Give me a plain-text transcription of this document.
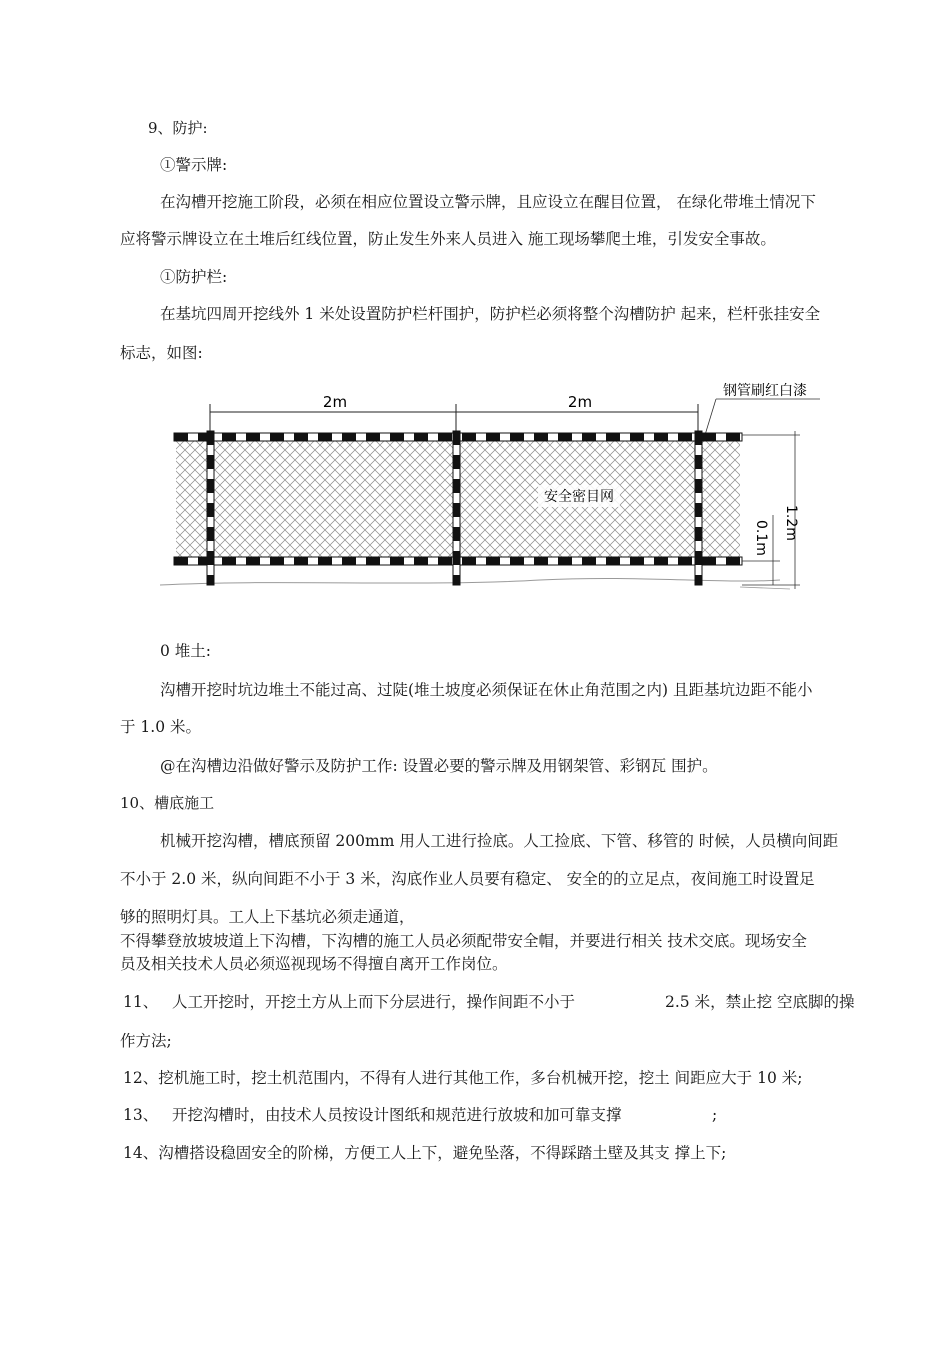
9、防护:
①警示牌:
在沟槽开挖施工阶段，必须在相应位置设立警示牌，且应设立在醒目位置， 在绿化带堆土情况下
应将警示牌设立在土堆后红线位置，防止发生外来人员进入 施工现场攀爬土堆，引发安全事故。
①防护栏:
在基坑四周开挖线外 1 米处设置防护栏杆围护，防护栏必须将整个沟槽防护 起来，栏杆张挂安全
标志，如图:
2m	2m
钢管刷红白漆
安全密目网
1.2m
0.1m
0 堆土:
沟槽开挖时坑边堆土不能过高、过陡(堆土坡度必须保证在休止角范围之内) 且距基坑边距不能小
于 1.0 米。
@在沟槽边沿做好警示及防护工作: 设置必要的警示牌及用钢架管、彩钢瓦 围护。
10、槽底施工
机械开挖沟槽，槽底预留 200mm 用人工进行捡底。人工捡底、下管、移管的 时候，人员横向间距
不小于 2.0 米，纵向间距不小于 3 米，沟底作业人员要有稳定、 安全的的立足点，夜间施工时设置足
够的照明灯具。工人上下基坑必须走通道，
不得攀登放坡坡道上下沟槽，下沟槽的施工人员必须配带安全帽，并要进行相关 技术交底。现场安全
员及相关技术人员必须巡视现场不得擅自离开工作岗位。
11、 人工开挖时，开挖土方从上而下分层进行，操作间距不小于	2.5 米，禁止挖 空底脚的操
作方法;
12、挖机施工时，挖土机范围内，不得有人进行其他工作，多台机械开挖，挖土 间距应大于 10 米;
13、 开挖沟槽时，由技术人员按设计图纸和规范进行放坡和加可靠支撑	;
14、沟槽搭设稳固安全的阶梯，方便工人上下，避免坠落，不得踩踏土壁及其支 撑上下;
